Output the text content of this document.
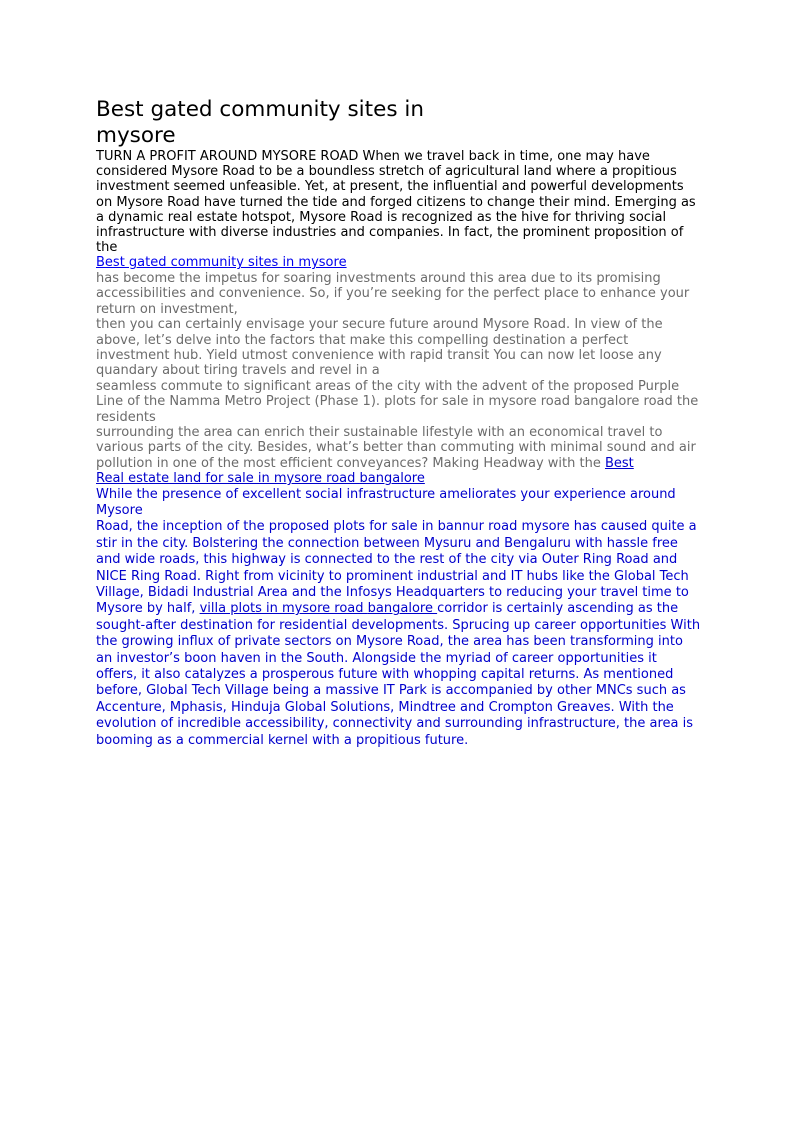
Best gated community sites in mysore

TURN A PROFIT AROUND MYSORE ROAD When we travel back in time, one may have considered Mysore Road to be a boundless stretch of agricultural land where a propitious investment seemed unfeasible. Yet, at present, the influential and powerful developments on Mysore Road have turned the tide and forged citizens to change their mind. Emerging as a dynamic real estate hotspot, Mysore Road is recognized as the hive for thriving social infrastructure with diverse industries and companies. In fact, the prominent proposition of the

Best gated community sites in mysore

has become the impetus for soaring investments around this area due to its promising accessibilities and convenience. So, if you’re seeking for the perfect place to enhance your return on investment,

then you can certainly envisage your secure future around Mysore Road. In view of the above, let’s delve into the factors that make this compelling destination a perfect investment hub. Yield utmost convenience with rapid transit You can now let loose any quandary about tiring travels and revel in a

seamless commute to significant areas of the city with the advent of the proposed Purple Line of the Namma Metro Project (Phase 1). plots for sale in mysore road bangalore road the residents

surrounding the area can enrich their sustainable lifestyle with an economical travel to various parts of the city. Besides, what’s better than commuting with minimal sound and air pollution in one of the most efficient conveyances? Making Headway with the Best
Real estate land for sale in mysore road bangalore

While the presence of excellent social infrastructure ameliorates your experience around Mysore

Road, the inception of the proposed plots for sale in bannur road mysore has caused quite a stir in the city. Bolstering the connection between Mysuru and Bengaluru with hassle free and wide roads, this highway is connected to the rest of the city via Outer Ring Road and NICE Ring Road. Right from vicinity to prominent industrial and IT hubs like the Global Tech Village, Bidadi Industrial Area and the Infosys Headquarters to reducing your travel time to Mysore by half, villa plots in mysore road bangalore corridor is certainly ascending as the sought-after destination for residential developments. Sprucing up career opportunities With the growing influx of private sectors on Mysore Road, the area has been transforming into an investor’s boon haven in the South. Alongside the myriad of career opportunities it offers, it also catalyzes a prosperous future with whopping capital returns. As mentioned before, Global Tech Village being a massive IT Park is accompanied by other MNCs such as Accenture, Mphasis, Hinduja Global Solutions, Mindtree and Crompton Greaves. With the evolution of incredible accessibility, connectivity and surrounding infrastructure, the area is booming as a commercial kernel with a propitious future.
